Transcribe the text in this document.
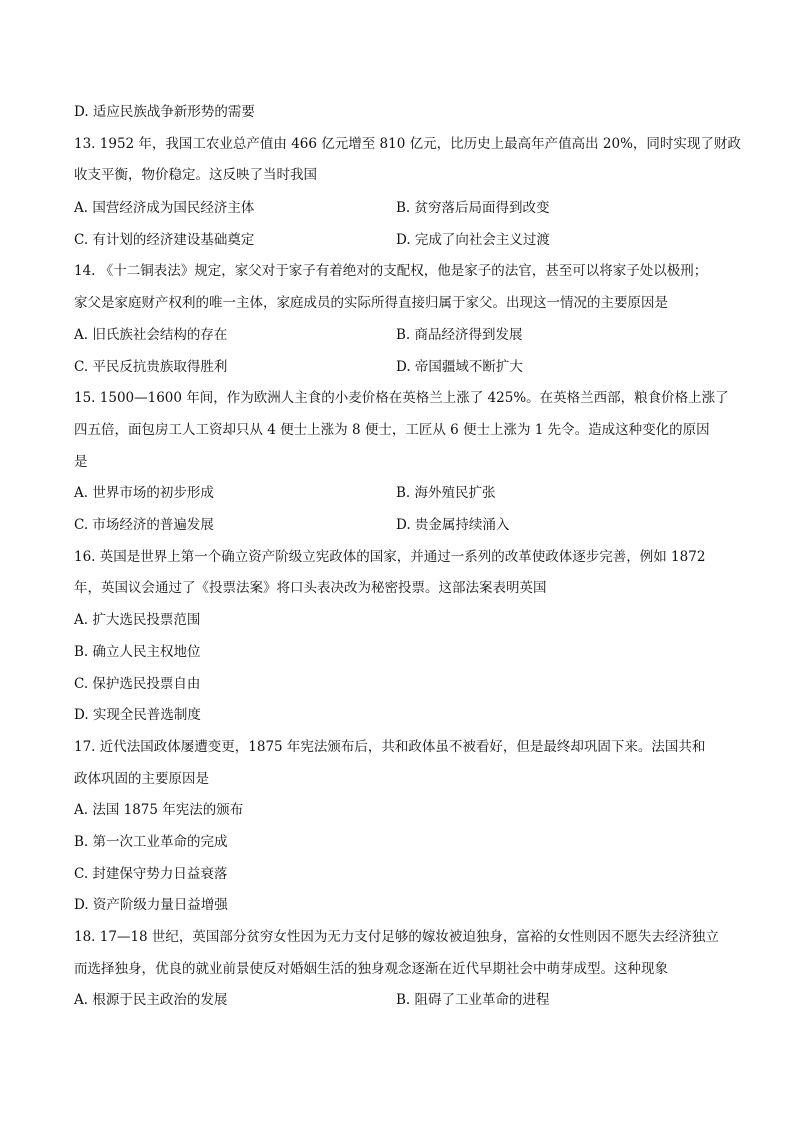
D. 适应民族战争新形势的需要
13. 1952 年，我国工农业总产值由 466 亿元增至 810 亿元，比历史上最高年产值高出 20%，同时实现了财政
收支平衡，物价稳定。这反映了当时我国
A. 国营经济成为国民经济主体	B. 贫穷落后局面得到改变
C. 有计划的经济建设基础奠定	D. 完成了向社会主义过渡
14. 《十二铜表法》规定，家父对于家子有着绝对的支配权，他是家子的法官，甚至可以将家子处以极刑；
家父是家庭财产权利的唯一主体，家庭成员的实际所得直接归属于家父。出现这一情况的主要原因是
A. 旧氏族社会结构的存在	B. 商品经济得到发展
C. 平民反抗贵族取得胜利	D. 帝国疆域不断扩大
15. 1500—1600 年间，作为欧洲人主食的小麦价格在英格兰上涨了 425%。在英格兰西部，粮食价格上涨了
四五倍，面包房工人工资却只从 4 便士上涨为 8 便士，工匠从 6 便士上涨为 1 先令。造成这种变化的原因
是
A. 世界市场的初步形成	B. 海外殖民扩张
C. 市场经济的普遍发展	D. 贵金属持续涌入
16. 英国是世界上第一个确立资产阶级立宪政体的国家，并通过一系列的改革使政体逐步完善，例如 1872
年，英国议会通过了《投票法案》将口头表决改为秘密投票。这部法案表明英国
A. 扩大选民投票范围
B. 确立人民主权地位
C. 保护选民投票自由
D. 实现全民普选制度
17. 近代法国政体屡遭变更，1875 年宪法颁布后，共和政体虽不被看好，但是最终却巩固下来。法国共和
政体巩固的主要原因是
A. 法国 1875 年宪法的颁布
B. 第一次工业革命的完成
C. 封建保守势力日益衰落
D. 资产阶级力量日益增强
18. 17—18 世纪，英国部分贫穷女性因为无力支付足够的嫁妆被迫独身，富裕的女性则因不愿失去经济独立
而选择独身，优良的就业前景使反对婚姻生活的独身观念逐渐在近代早期社会中萌芽成型。这种现象
A. 根源于民主政治的发展	B. 阻碍了工业革命的进程
